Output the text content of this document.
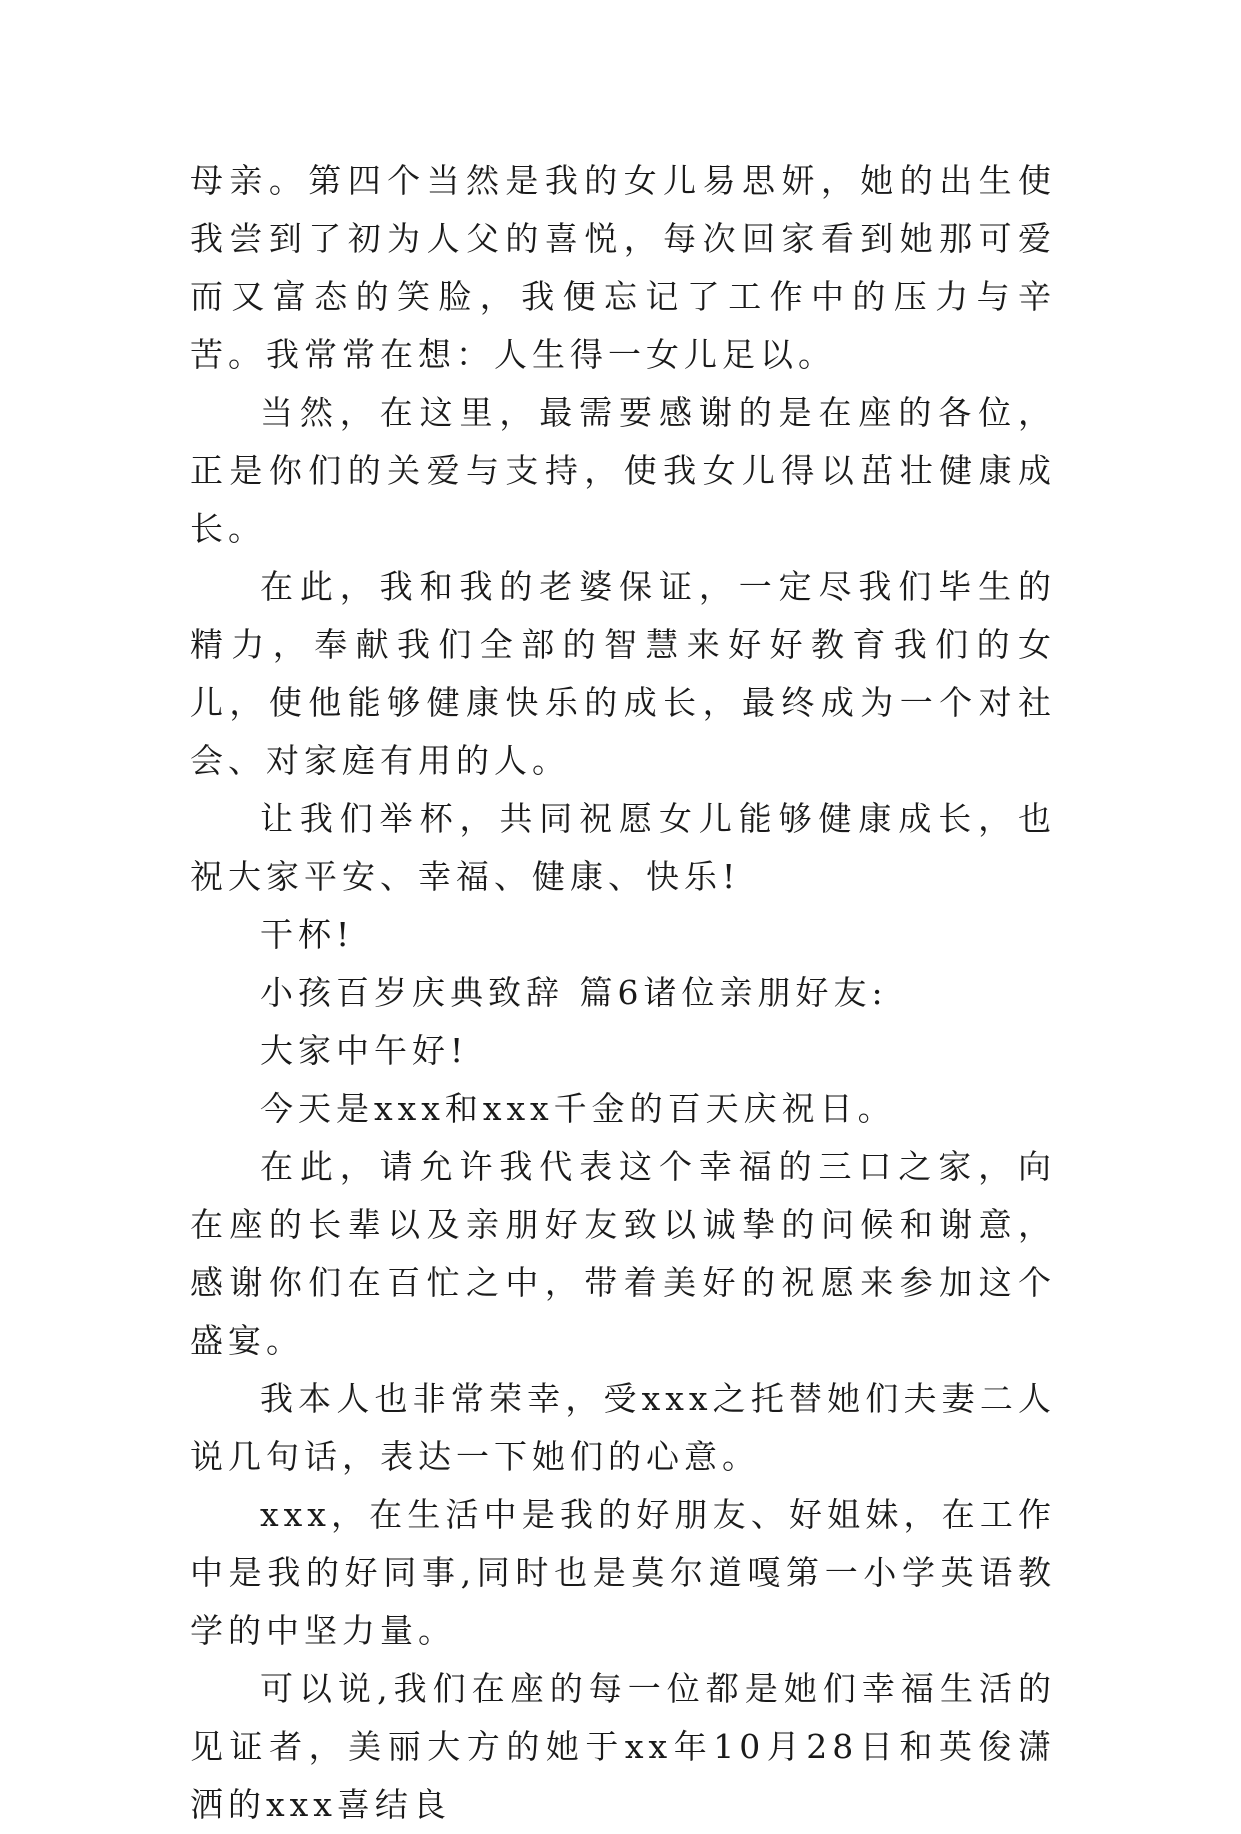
母亲。第四个当然是我的女儿易思妍，她的出生使我尝到了初为人父的喜悦，每次回家看到她那可爱而又富态的笑脸，我便忘记了工作中的压力与辛苦。我常常在想：人生得一女儿足以。

当然，在这里，最需要感谢的是在座的各位，正是你们的关爱与支持，使我女儿得以茁壮健康成长。

在此，我和我的老婆保证，一定尽我们毕生的精力，奉献我们全部的智慧来好好教育我们的女儿，使他能够健康快乐的成长，最终成为一个对社会、对家庭有用的人。

让我们举杯，共同祝愿女儿能够健康成长，也祝大家平安、幸福、健康、快乐!

干杯!

小孩百岁庆典致辞 篇6诸位亲朋好友:

大家中午好!

今天是xxx和xxx千金的百天庆祝日。

在此，请允许我代表这个幸福的三口之家，向在座的长辈以及亲朋好友致以诚挚的问候和谢意，感谢你们在百忙之中，带着美好的祝愿来参加这个盛宴。

我本人也非常荣幸，受xxx之托替她们夫妻二人说几句话，表达一下她们的心意。

xxx，在生活中是我的好朋友、好姐妹，在工作中是我的好同事,同时也是莫尔道嘎第一小学英语教学的中坚力量。

可以说,我们在座的每一位都是她们幸福生活的见证者，美丽大方的她于xx年10月28日和英俊潇洒的xxx喜结良
